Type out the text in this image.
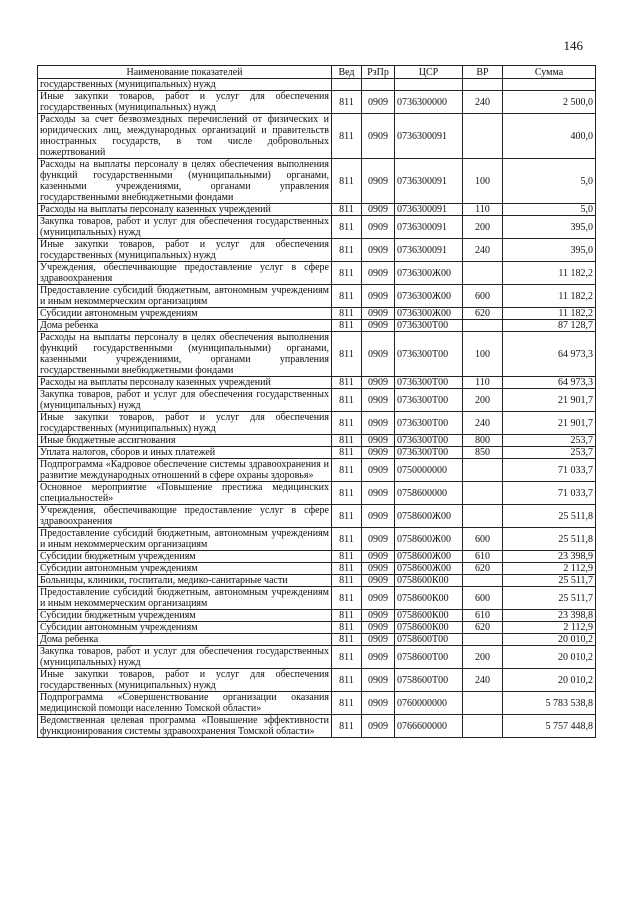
146
Наименование показателей	Вед	РзПр	ЦСР	ВР	Сумма
государственных (муниципальных) нужд					
Иные закупки товаров, работ и услуг для обеспечения государственных (муниципальных) нужд	811	0909	0736300000	240	2 500,0
Расходы за счет безвозмездных перечислений от физических и юридических лиц, международных организаций и правительств иностранных государств, в том числе добровольных пожертвований	811	0909	0736300091		400,0
Расходы на выплаты персоналу в целях обеспечения выполнения функций государственными (муниципальными) органами, казенными учреждениями, органами управления государственными внебюджетными фондами	811	0909	0736300091	100	5,0
Расходы на выплаты персоналу казенных учреждений	811	0909	0736300091	110	5,0
Закупка товаров, работ и услуг для обеспечения государственных (муниципальных) нужд	811	0909	0736300091	200	395,0
Иные закупки товаров, работ и услуг для обеспечения государственных (муниципальных) нужд	811	0909	0736300091	240	395,0
Учреждения, обеспечивающие предоставление услуг в сфере здравоохранения	811	0909	0736300Ж00		11 182,2
Предоставление субсидий бюджетным, автономным учреждениям и иным некоммерческим организациям	811	0909	0736300Ж00	600	11 182,2
Субсидии автономным учреждениям	811	0909	0736300Ж00	620	11 182,2
Дома ребенка	811	0909	0736300Т00		87 128,7
Расходы на выплаты персоналу в целях обеспечения выполнения функций государственными (муниципальными) органами, казенными учреждениями, органами управления государственными внебюджетными фондами	811	0909	0736300Т00	100	64 973,3
Расходы на выплаты персоналу казенных учреждений	811	0909	0736300Т00	110	64 973,3
Закупка товаров, работ и услуг для обеспечения государственных (муниципальных) нужд	811	0909	0736300Т00	200	21 901,7
Иные закупки товаров, работ и услуг для обеспечения государственных (муниципальных) нужд	811	0909	0736300Т00	240	21 901,7
Иные бюджетные ассигнования	811	0909	0736300Т00	800	253,7
Уплата налогов, сборов и иных платежей	811	0909	0736300Т00	850	253,7
Подпрограмма «Кадровое обеспечение системы здравоохранения и развитие международных отношений в сфере охраны здоровья»	811	0909	0750000000		71 033,7
Основное мероприятие «Повышение престижа медицинских специальностей»	811	0909	0758600000		71 033,7
Учреждения, обеспечивающие предоставление услуг в сфере здравоохранения	811	0909	0758600Ж00		25 511,8
Предоставление субсидий бюджетным, автономным учреждениям и иным некоммерческим организациям	811	0909	0758600Ж00	600	25 511,8
Субсидии бюджетным учреждениям	811	0909	0758600Ж00	610	23 398,9
Субсидии автономным учреждениям	811	0909	0758600Ж00	620	2 112,9
Больницы, клиники, госпитали, медико-санитарные части	811	0909	0758600К00		25 511,7
Предоставление субсидий бюджетным, автономным учреждениям и иным некоммерческим организациям	811	0909	0758600К00	600	25 511,7
Субсидии бюджетным учреждениям	811	0909	0758600К00	610	23 398,8
Субсидии автономным учреждениям	811	0909	0758600К00	620	2 112,9
Дома ребенка	811	0909	0758600Т00		20 010,2
Закупка товаров, работ и услуг для обеспечения государственных (муниципальных) нужд	811	0909	0758600Т00	200	20 010,2
Иные закупки товаров, работ и услуг для обеспечения государственных (муниципальных) нужд	811	0909	0758600Т00	240	20 010,2
Подпрограмма «Совершенствование организации оказания медицинской помощи населению Томской области»	811	0909	0760000000		5 783 538,8
Ведомственная целевая программа «Повышение эффективности функционирования системы здравоохранения Томской области»	811	0909	0766600000		5 757 448,8
